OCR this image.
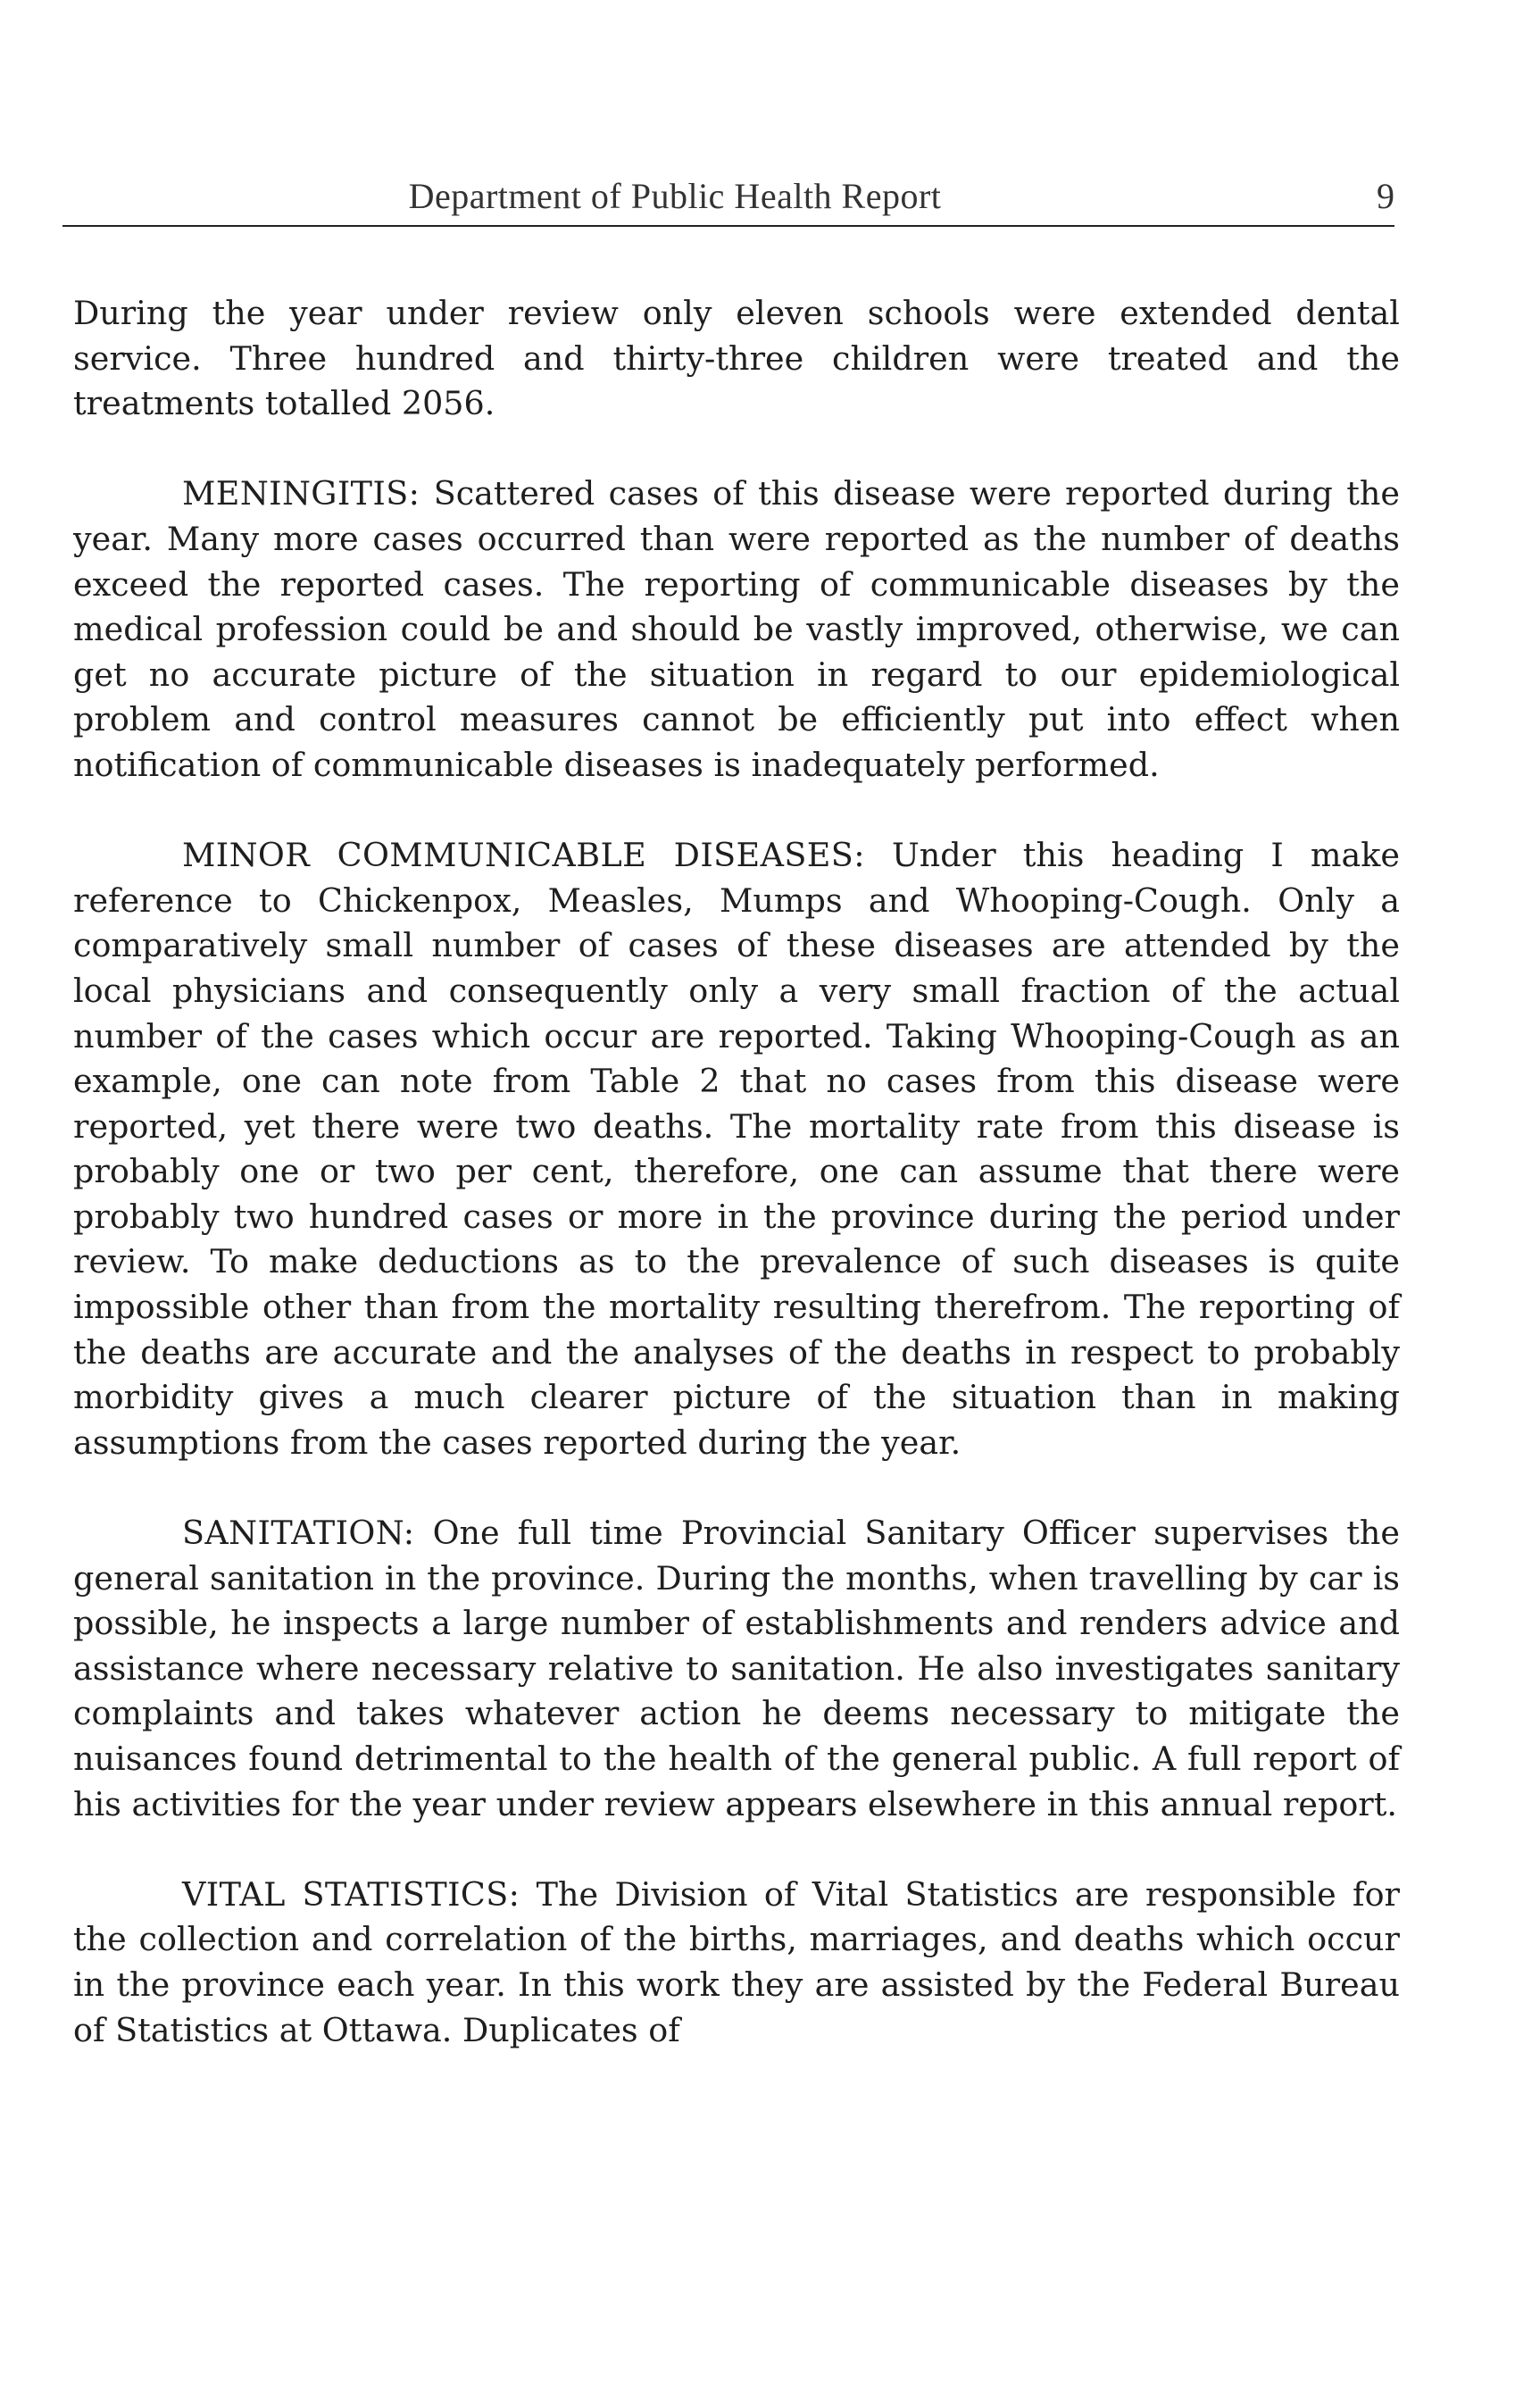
Department of Public Health Report	9

During the year under review only eleven schools were extended dental service. Three hundred and thirty-three children were treated and the treatments totalled 2056.

MENINGITIS: Scattered cases of this disease were reported during the year. Many more cases occurred than were reported as the number of deaths exceed the reported cases. The reporting of communicable diseases by the medical profession could be and should be vastly improved, otherwise, we can get no accurate picture of the situation in regard to our epidemiological problem and control measures cannot be efficiently put into effect when notification of communicable diseases is inadequately performed.

MINOR COMMUNICABLE DISEASES: Under this heading I make reference to Chickenpox, Measles, Mumps and Whooping-Cough. Only a comparatively small number of cases of these diseases are attended by the local physicians and consequently only a very small fraction of the actual number of the cases which occur are reported. Taking Whooping-Cough as an example, one can note from Table 2 that no cases from this disease were reported, yet there were two deaths. The mortality rate from this disease is probably one or two per cent, therefore, one can assume that there were probably two hundred cases or more in the province during the period under review. To make deductions as to the prevalence of such diseases is quite impossible other than from the mortality resulting therefrom. The reporting of the deaths are accurate and the analyses of the deaths in respect to probably morbidity gives a much clearer picture of the situation than in making assumptions from the cases reported during the year.

SANITATION: One full time Provincial Sanitary Officer supervises the general sanitation in the province. During the months, when travelling by car is possible, he inspects a large number of establishments and renders advice and assistance where necessary relative to sanitation. He also investigates sanitary complaints and takes whatever action he deems necessary to mitigate the nuisances found detrimental to the health of the general public. A full report of his activities for the year under review appears elsewhere in this annual report.

VITAL STATISTICS: The Division of Vital Statistics are responsible for the collection and correlation of the births, marriages, and deaths which occur in the province each year. In this work they are assisted by the Federal Bureau of Statistics at Ottawa. Duplicates of
